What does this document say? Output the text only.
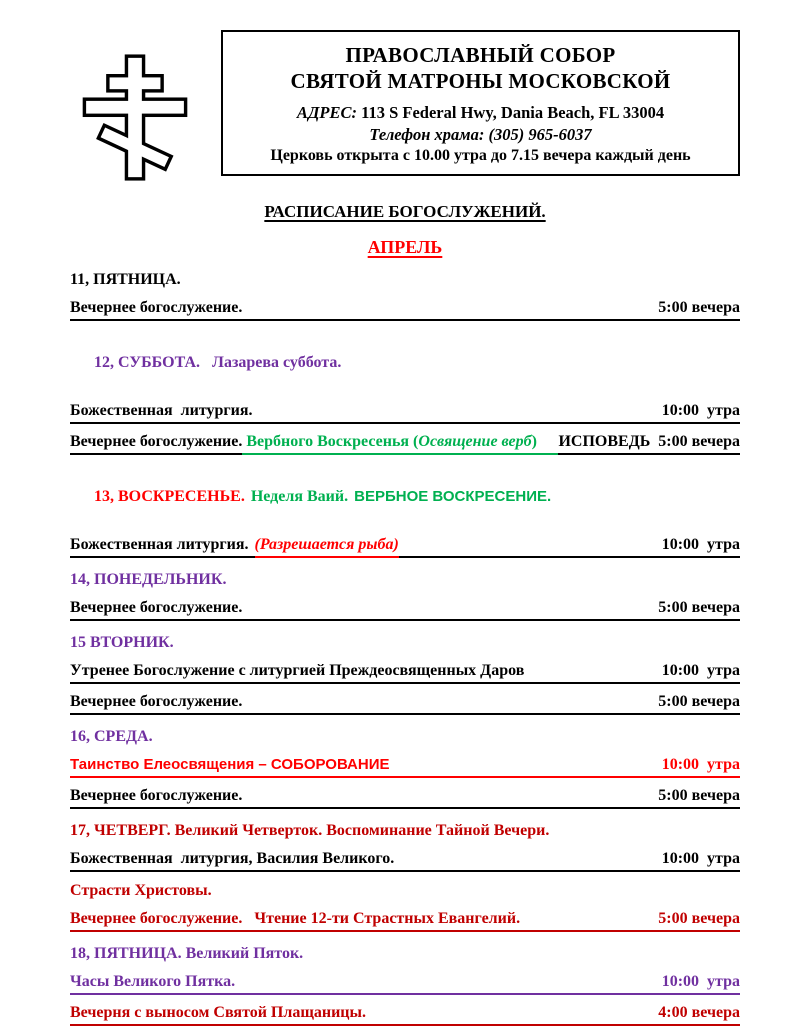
ПРАВОСЛАВНЫЙ СОБОР
СВЯТОЙ МАТРОНЫ МОСКОВСКОЙ
АДРЕС: 113 S Federal Hwy, Dania Beach, FL 33004
Телефон храма: (305) 965-6037
Церковь открыта с 10.00 утра до 7.15 вечера каждый день
РАСПИСАНИЕ БОГОСЛУЖЕНИЙ.
АПРЕЛЬ
11, ПЯТНИЦА.
Вечернее богослужение.	5:00 вечера

12, СУББОТА. Лазарева суббота.

Божественная  литургия.	10:00  утра
Вечернее богослужение. Вербного Воскресенья (Освящение верб)	ИСПОВЕДЬ 5:00 вечера

13, ВОСКРЕСЕНЬЕ. Неделя Ваий. ВЕРБНОЕ ВОСКРЕСЕНИЕ.

Божественная литургия. (Разрешается рыба)	10:00  утра
14, ПОНЕДЕЛЬНИК.
Вечернее богослужение.	5:00 вечера
15 ВТОРНИК.
Утренее Богослужение с литургией Преждеосвященных Даров	10:00  утра
Вечернее богослужение.	5:00 вечера
16, СРЕДА.
Таинство Елеосвящения – СОБОРОВАНИЕ	10:00  утра
Вечернее богослужение.	5:00 вечера
17, ЧЕТВЕРГ. Великий Четверток. Воспоминание Тайной Вечери.
Божественная  литургия, Василия Великого.	10:00  утра
Страсти Христовы.
Вечернее богослужение.   Чтение 12-ти Страстных Евангелий.	5:00 вечера
18, ПЯТНИЦА. Великий Пяток.
Часы Великого Пятка.	10:00  утра
Вечерня с выносом Святой Плащаницы.	4:00 вечера
